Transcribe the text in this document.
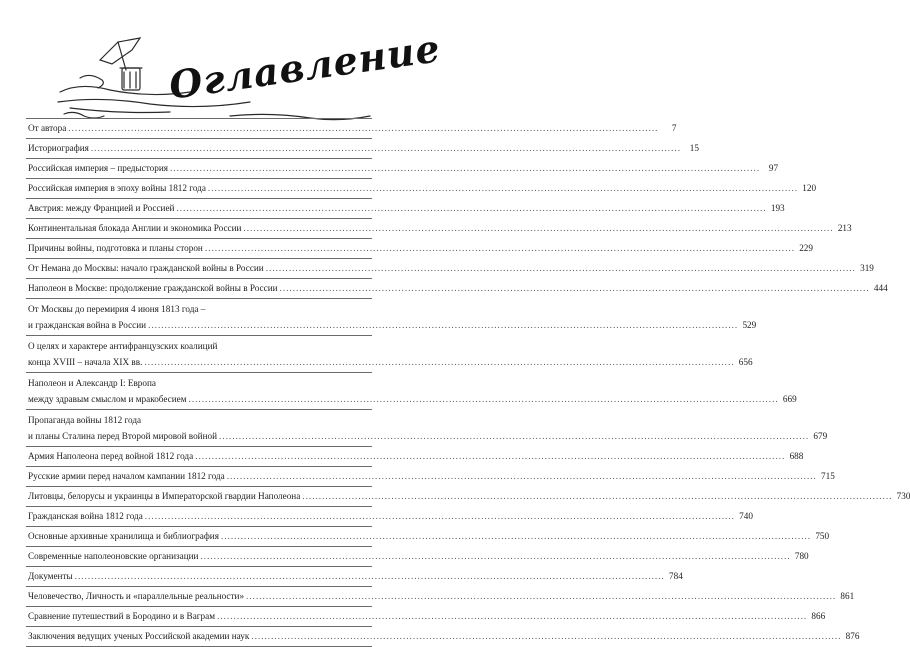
Оглавление
От автора .....	7
Историография .....	15
Российская империя – предыстория .....	97
Российская империя в эпоху войны 1812 года .....	120
Австрия: между Францией и Россией .....	193
Континентальная блокада Англии и экономика России .....	213
Причины войны, подготовка и планы сторон .....	229
От Немана до Москвы: начало гражданской войны в России .....	319
Наполеон в Москве: продолжение гражданской войны в России .....	444
От Москвы до перемирия 4 июня 1813 года –
и гражданская война в России .....	529
О целях и характере антифранцузских коалиций
конца XVIII – начала XIX вв. .....	656
Наполеон и Александр I: Европа
между здравым смыслом и мракобесием .....	669
Пропаганда войны 1812 года
и планы Сталина перед Второй мировой войной .....	679
Армия Наполеона перед войной 1812 года .....	688
Русские армии перед началом кампании 1812 года .....	715
Литовцы, белорусы и украинцы в Императорской гвардии Наполеона .....	730
Гражданская война 1812 года .....	740
Основные архивные хранилища и библиография .....	750
Современные наполеоновские организации .....	780
Документы .....	784
Человечество, Личность и «параллельные реальности» .....	861
Сравнение путешествий в Бородино и в Ваграм .....	866
Заключения ведущих ученых Российской академии наук .....	876
